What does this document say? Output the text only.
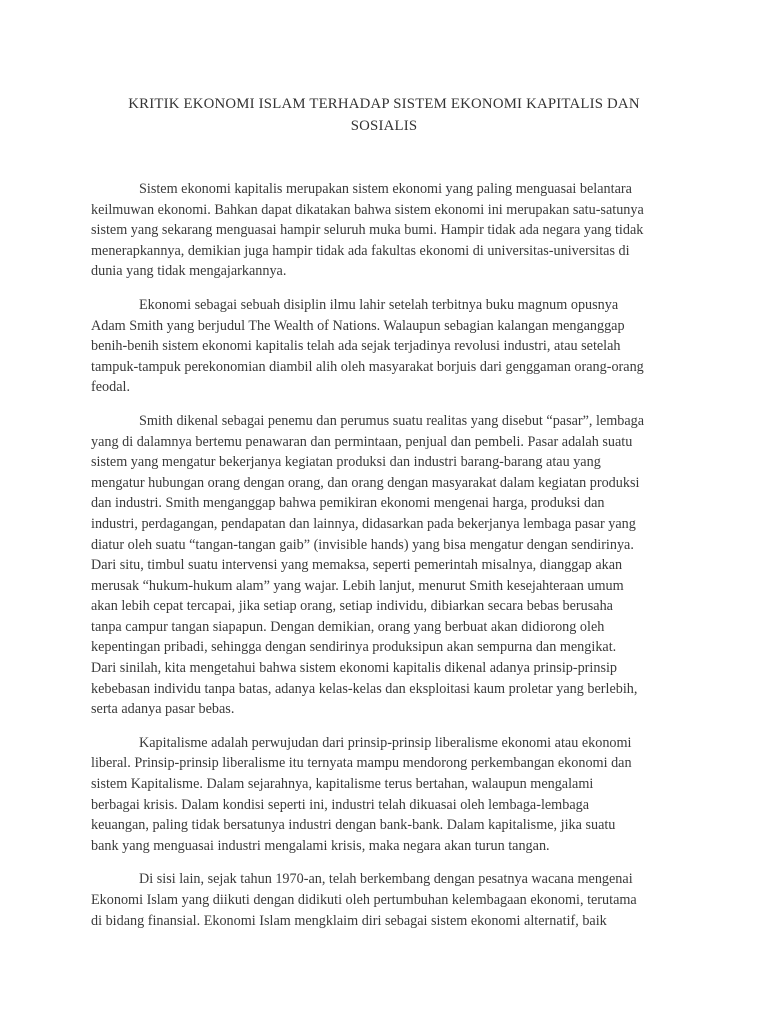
KRITIK EKONOMI ISLAM TERHADAP SISTEM EKONOMI KAPITALIS DAN
SOSIALIS

Sistem ekonomi kapitalis merupakan sistem ekonomi yang paling menguasai belantara
keilmuwan ekonomi. Bahkan dapat dikatakan bahwa sistem ekonomi ini merupakan satu-satunya
sistem yang sekarang menguasai hampir seluruh muka bumi. Hampir tidak ada negara yang tidak
menerapkannya, demikian juga hampir tidak ada fakultas ekonomi di universitas-universitas di
dunia yang tidak mengajarkannya.

Ekonomi sebagai sebuah disiplin ilmu lahir setelah terbitnya buku magnum opusnya
Adam Smith yang berjudul The Wealth of Nations. Walaupun sebagian kalangan menganggap
benih-benih sistem ekonomi kapitalis telah ada sejak terjadinya revolusi industri, atau setelah
tampuk-tampuk perekonomian diambil alih oleh masyarakat borjuis dari genggaman orang-orang
feodal.

Smith dikenal sebagai penemu dan perumus suatu realitas yang disebut “pasar”, lembaga
yang di dalamnya bertemu penawaran dan permintaan, penjual dan pembeli. Pasar adalah suatu
sistem yang mengatur bekerjanya kegiatan produksi dan industri barang-barang atau yang
mengatur hubungan orang dengan orang, dan orang dengan masyarakat dalam kegiatan produksi
dan industri. Smith menganggap bahwa pemikiran ekonomi mengenai harga, produksi dan
industri, perdagangan, pendapatan dan lainnya, didasarkan pada bekerjanya lembaga pasar yang
diatur oleh suatu “tangan-tangan gaib” (invisible hands) yang bisa mengatur dengan sendirinya.
Dari situ, timbul suatu intervensi yang memaksa, seperti pemerintah misalnya, dianggap akan
merusak “hukum-hukum alam” yang wajar. Lebih lanjut, menurut Smith kesejahteraan umum
akan lebih cepat tercapai, jika setiap orang, setiap individu, dibiarkan secara bebas berusaha
tanpa campur tangan siapapun. Dengan demikian, orang yang berbuat akan didiorong oleh
kepentingan pribadi, sehingga dengan sendirinya produksipun akan sempurna dan mengikat.
Dari sinilah, kita mengetahui bahwa sistem ekonomi kapitalis dikenal adanya prinsip-prinsip
kebebasan individu tanpa batas, adanya kelas-kelas dan eksploitasi kaum proletar yang berlebih,
serta adanya pasar bebas.

Kapitalisme adalah perwujudan dari prinsip-prinsip liberalisme ekonomi atau ekonomi
liberal. Prinsip-prinsip liberalisme itu ternyata mampu mendorong perkembangan ekonomi dan
sistem Kapitalisme. Dalam sejarahnya, kapitalisme terus bertahan, walaupun mengalami
berbagai krisis. Dalam kondisi seperti ini, industri telah dikuasai oleh lembaga-lembaga
keuangan, paling tidak bersatunya industri dengan bank-bank. Dalam kapitalisme, jika suatu
bank yang menguasai industri mengalami krisis, maka negara akan turun tangan.

Di sisi lain, sejak tahun 1970-an, telah berkembang dengan pesatnya wacana mengenai
Ekonomi Islam yang diikuti dengan didikuti oleh pertumbuhan kelembagaan ekonomi, terutama
di bidang finansial. Ekonomi Islam mengklaim diri sebagai sistem ekonomi alternatif, baik
